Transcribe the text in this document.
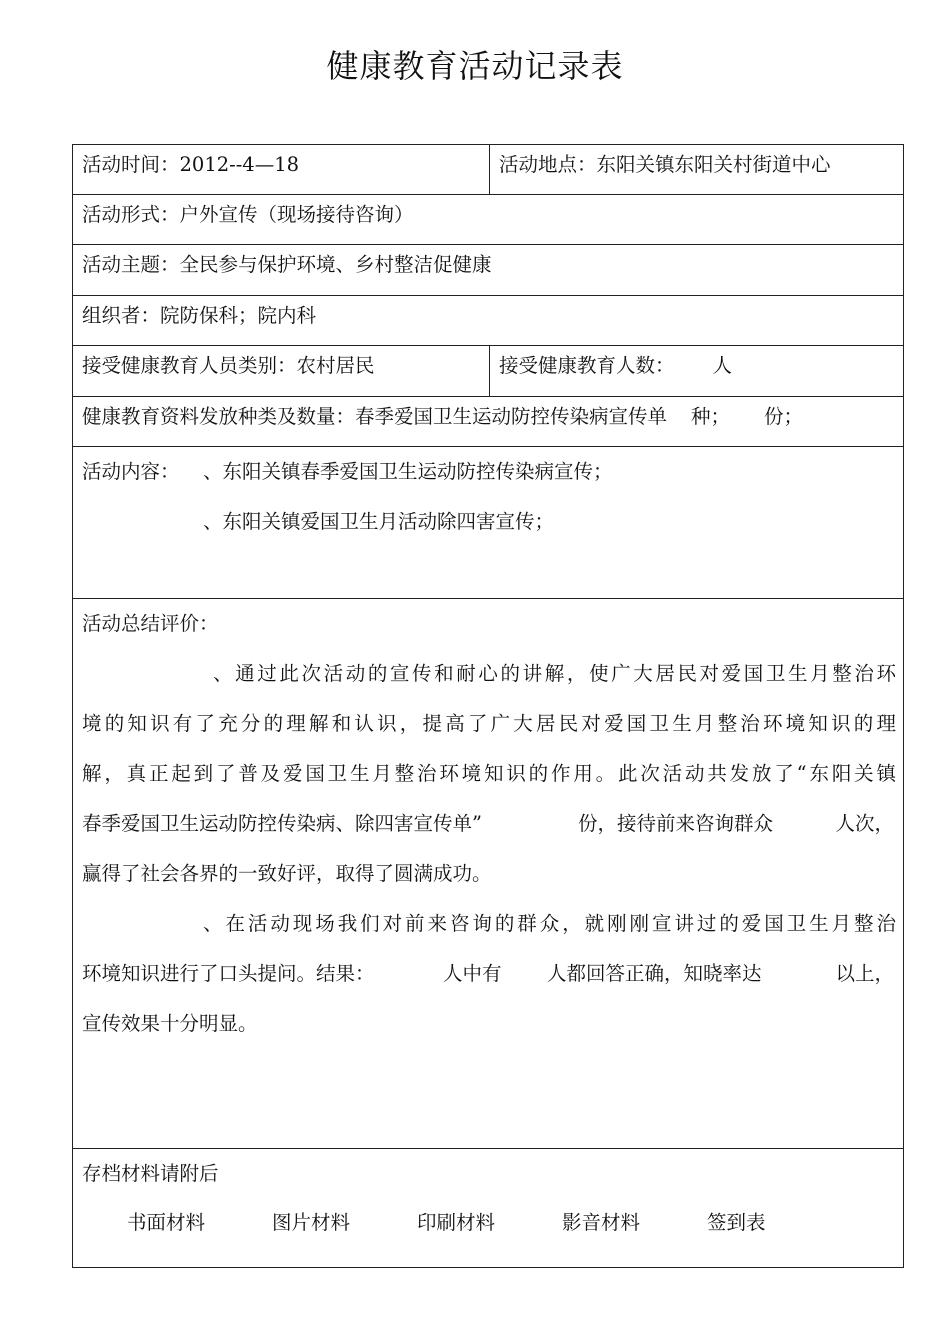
健康教育活动记录表
活动时间：2012--4—18	活动地点：东阳关镇东阳关村街道中心
活动形式：户外宣传（现场接待咨询）
活动主题：全民参与保护环境、乡村整洁促健康
组织者：院防保科；院内科
接受健康教育人员类别：农村居民	接受健康教育人数： 人
健康教育资料发放种类及数量：春季爱国卫生运动防控传染病宣传单 种； 份；
活动内容： 、东阳关镇春季爱国卫生运动防控传染病宣传；
、东阳关镇爱国卫生月活动除四害宣传；
活动总结评价：
、通过此次活动的宣传和耐心的讲解，使广大居民对爱国卫生月整治环
境的知识有了充分的理解和认识，提高了广大居民对爱国卫生月整治环境知识的理
解，真正起到了普及爱国卫生月整治环境知识的作用。此次活动共发放了“东阳关镇
春季爱国卫生运动防控传染病、除四害宣传单”	份，接待前来咨询群众	人次，
赢得了社会各界的一致好评，取得了圆满成功。
、在活动现场我们对前来咨询的群众，就刚刚宣讲过的爱国卫生月整治
环境知识进行了口头提问。结果：	人中有 人都回答正确，知晓率达	以上，
宣传效果十分明显。
存档材料请附后
书面材料	图片材料	印刷材料	影音材料	签到表
